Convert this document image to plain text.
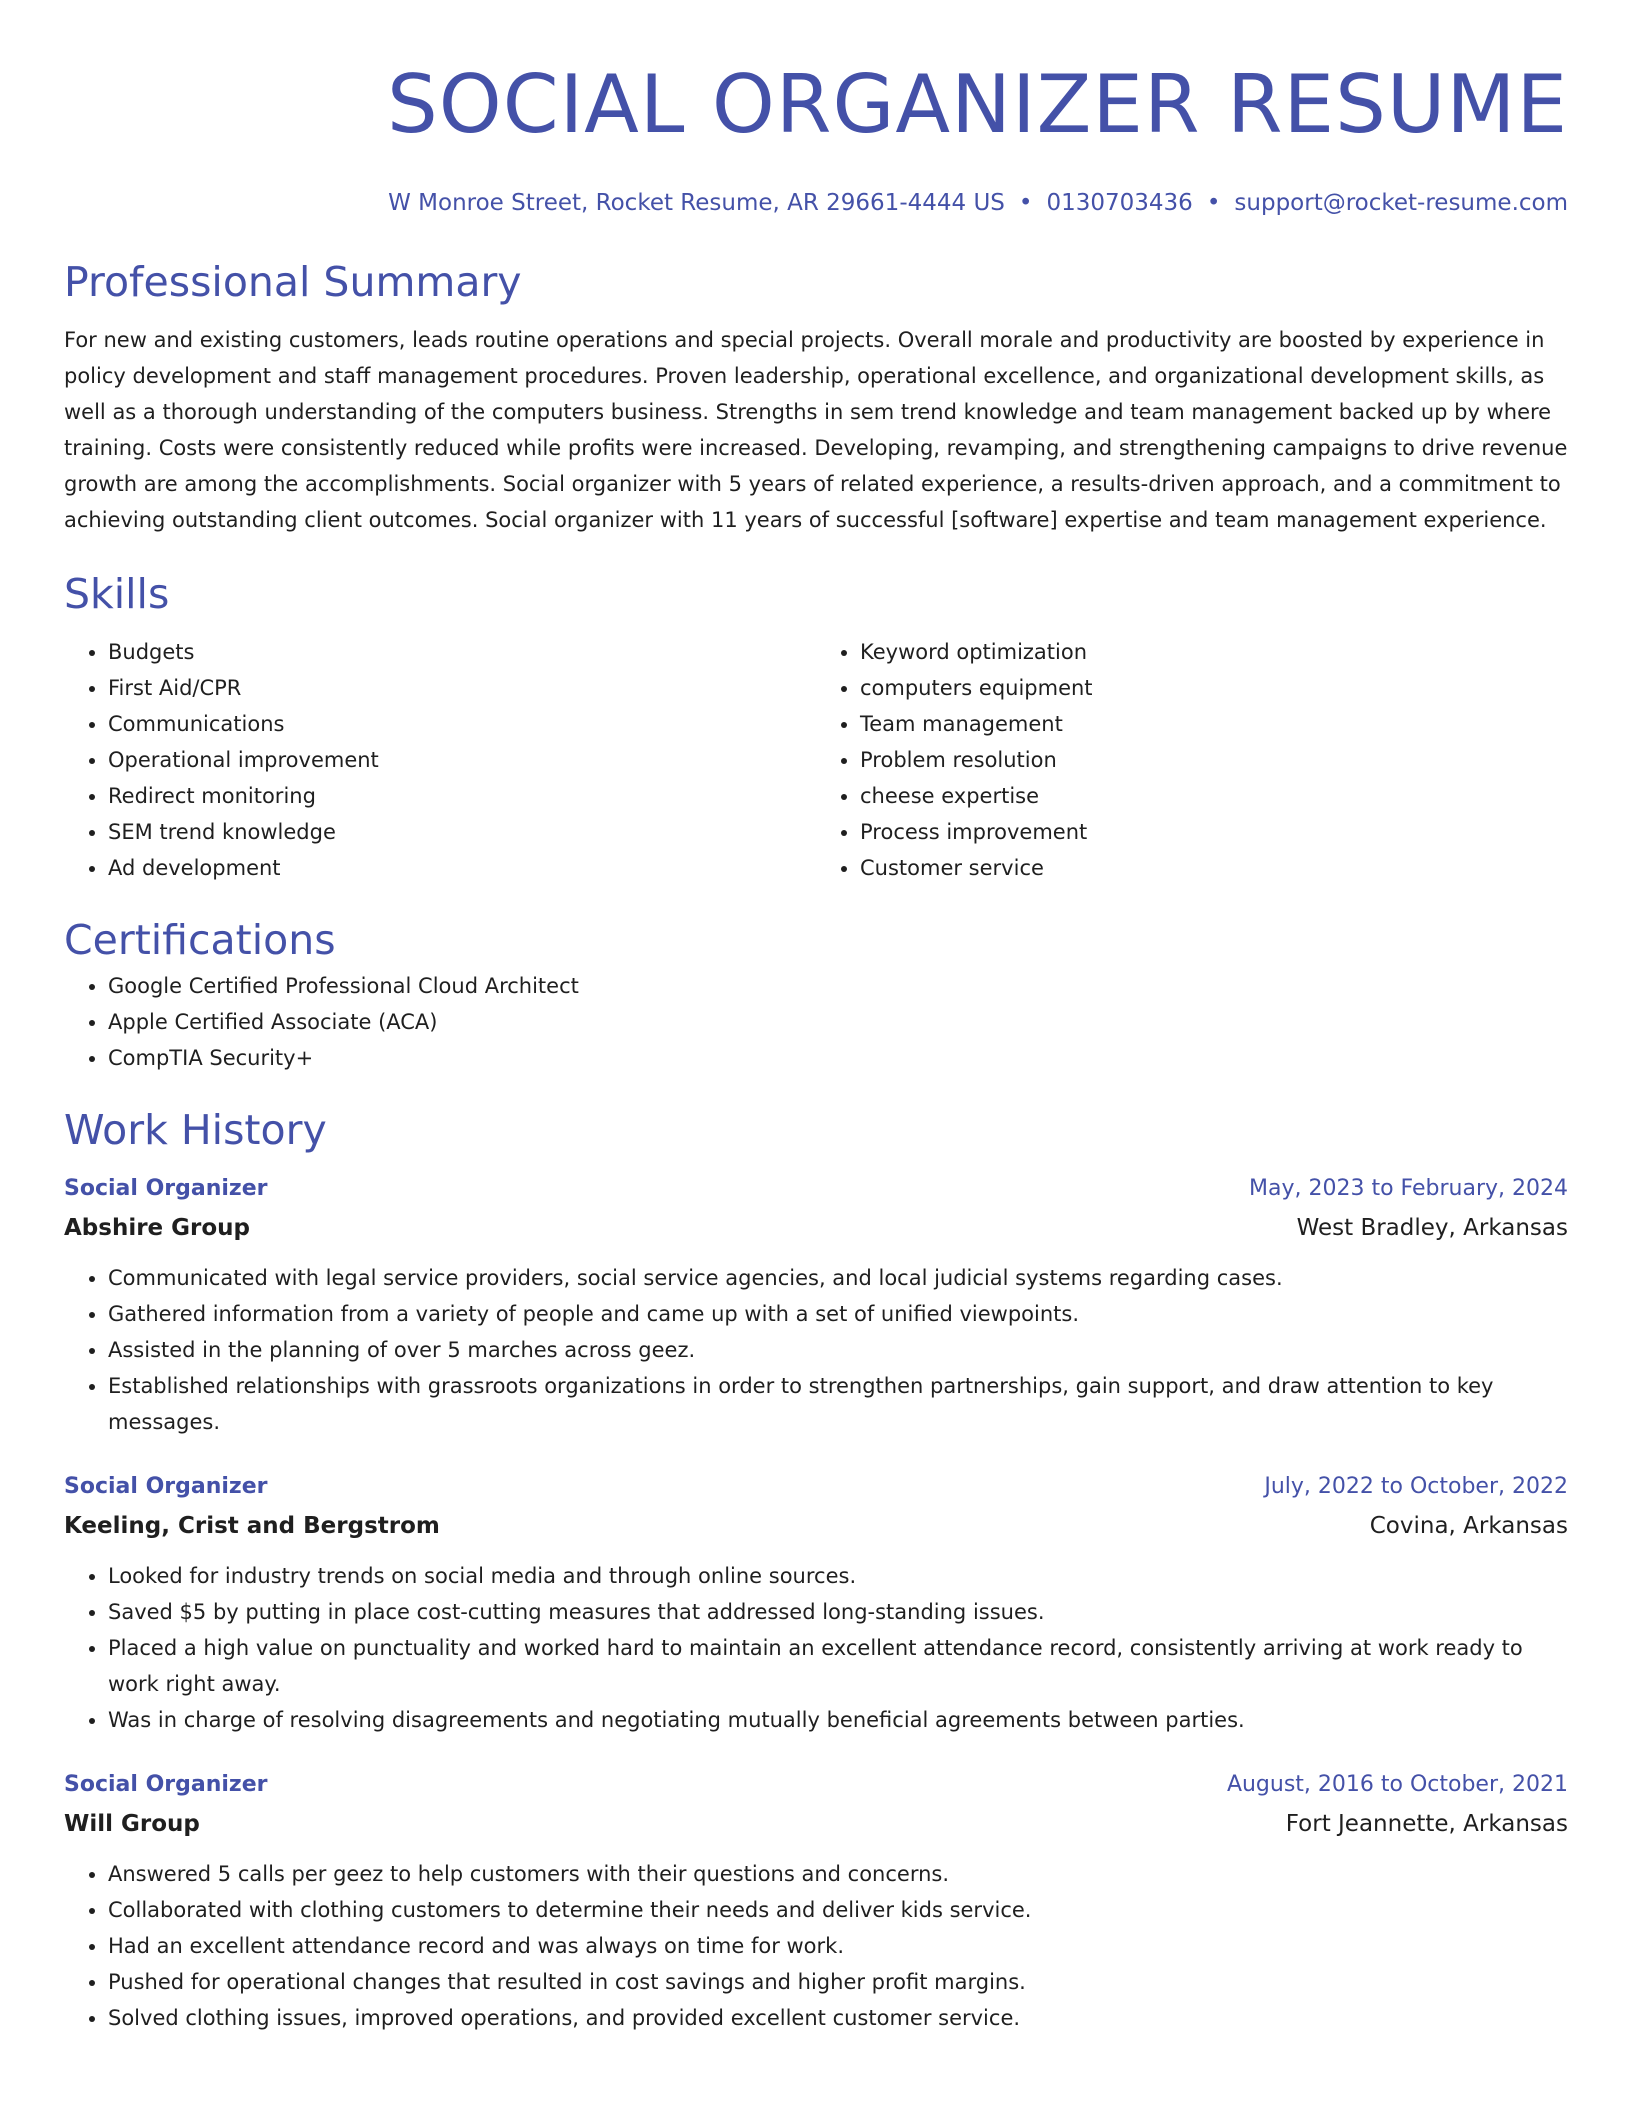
SOCIAL ORGANIZER RESUME
W Monroe Street, Rocket Resume, AR 29661-4444 US • 0130703436 • support@rocket-resume.com
Professional Summary
For new and existing customers, leads routine operations and special projects. Overall morale and productivity are boosted by experience in policy development and staff management procedures. Proven leadership, operational excellence, and organizational development skills, as well as a thorough understanding of the computers business. Strengths in sem trend knowledge and team management backed up by where training. Costs were consistently reduced while profits were increased. Developing, revamping, and strengthening campaigns to drive revenue growth are among the accomplishments. Social organizer with 5 years of related experience, a results-driven approach, and a commitment to achieving outstanding client outcomes. Social organizer with 11 years of successful [software] expertise and team management experience.
Skills
• Budgets
• First Aid/CPR
• Communications
• Operational improvement
• Redirect monitoring
• SEM trend knowledge
• Ad development
• Keyword optimization
• computers equipment
• Team management
• Problem resolution
• cheese expertise
• Process improvement
• Customer service
Certifications
• Google Certified Professional Cloud Architect
• Apple Certified Associate (ACA)
• CompTIA Security+
Work History
Social Organizer	May, 2023 to February, 2024
Abshire Group	West Bradley, Arkansas
• Communicated with legal service providers, social service agencies, and local judicial systems regarding cases.
• Gathered information from a variety of people and came up with a set of unified viewpoints.
• Assisted in the planning of over 5 marches across geez.
• Established relationships with grassroots organizations in order to strengthen partnerships, gain support, and draw attention to key messages.
Social Organizer	July, 2022 to October, 2022
Keeling, Crist and Bergstrom	Covina, Arkansas
• Looked for industry trends on social media and through online sources.
• Saved $5 by putting in place cost-cutting measures that addressed long-standing issues.
• Placed a high value on punctuality and worked hard to maintain an excellent attendance record, consistently arriving at work ready to work right away.
• Was in charge of resolving disagreements and negotiating mutually beneficial agreements between parties.
Social Organizer	August, 2016 to October, 2021
Will Group	Fort Jeannette, Arkansas
• Answered 5 calls per geez to help customers with their questions and concerns.
• Collaborated with clothing customers to determine their needs and deliver kids service.
• Had an excellent attendance record and was always on time for work.
• Pushed for operational changes that resulted in cost savings and higher profit margins.
• Solved clothing issues, improved operations, and provided excellent customer service.
